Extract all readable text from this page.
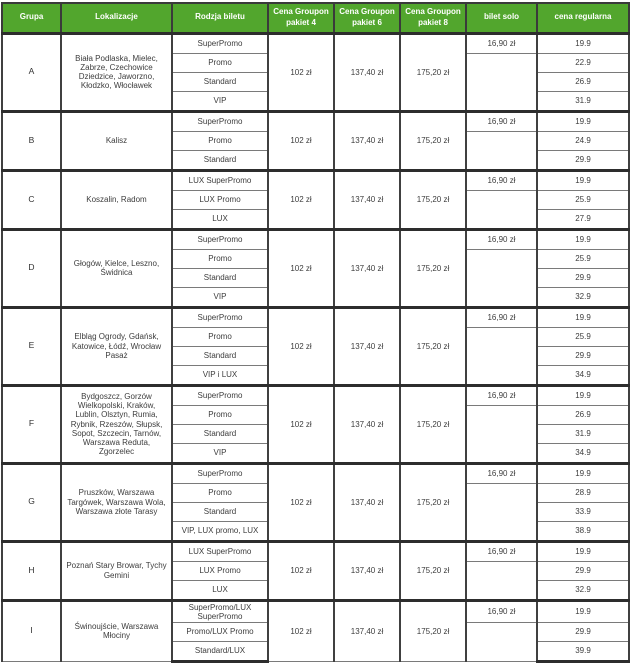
Grupa	Lokalizacje	Rodzja biletu	Cena Groupon pakiet 4	Cena Groupon pakiet 6	Cena Groupon pakiet 8	bilet solo	cena regularna
A	Biała Podlaska, Mielec, Zabrze, Czechowice Dziedzice, Jaworzno, Kłodzko, Włocławek	SuperPromo	102 zł	137,40 zł	175,20 zł	16,90 zł	19.9
		Promo					22.9
		Standard					26.9
		VIP					31.9
B	Kalisz	SuperPromo	102 zł	137,40 zł	175,20 zł	16,90 zł	19.9
		Promo					24.9
		Standard					29.9
C	Koszalin, Radom	LUX SuperPromo	102 zł	137,40 zł	175,20 zł	16,90 zł	19.9
		LUX Promo					25.9
		LUX					27.9
D	Głogów, Kielce, Leszno, Świdnica	SuperPromo	102 zł	137,40 zł	175,20 zł	16,90 zł	19.9
		Promo					25.9
		Standard					29.9
		VIP					32.9
E	Elbląg Ogrody, Gdańsk, Katowice, Łódź, Wrocław Pasaż	SuperPromo	102 zł	137,40 zł	175,20 zł	16,90 zł	19.9
		Promo					25.9
		Standard					29.9
		VIP i LUX					34.9
F	Bydgoszcz, Gorzów Wielkopolski, Kraków, Lublin, Olsztyn, Rumia, Rybnik, Rzeszów, Słupsk, Sopot, Szczecin, Tarnów, Warszawa Reduta, Zgorzelec	SuperPromo	102 zł	137,40 zł	175,20 zł	16,90 zł	19.9
		Promo					26.9
		Standard					31.9
		VIP					34.9
G	Pruszków, Warszawa Targówek, Warszawa Wola, Warszawa złote Tarasy	SuperPromo	102 zł	137,40 zł	175,20 zł	16,90 zł	19.9
		Promo					28.9
		Standard					33.9
		VIP, LUX promo, LUX					38.9
H	Poznań Stary Browar, Tychy Gemini	LUX SuperPromo	102 zł	137,40 zł	175,20 zł	16,90 zł	19.9
		LUX Promo					29.9
		LUX					32.9
I	Świnoujście, Warszawa Młociny	SuperPromo/LUX SuperPromo	102 zł	137,40 zł	175,20 zł	16,90 zł	19.9
		Promo/LUX Promo					29.9
		Standard/LUX					39.9
